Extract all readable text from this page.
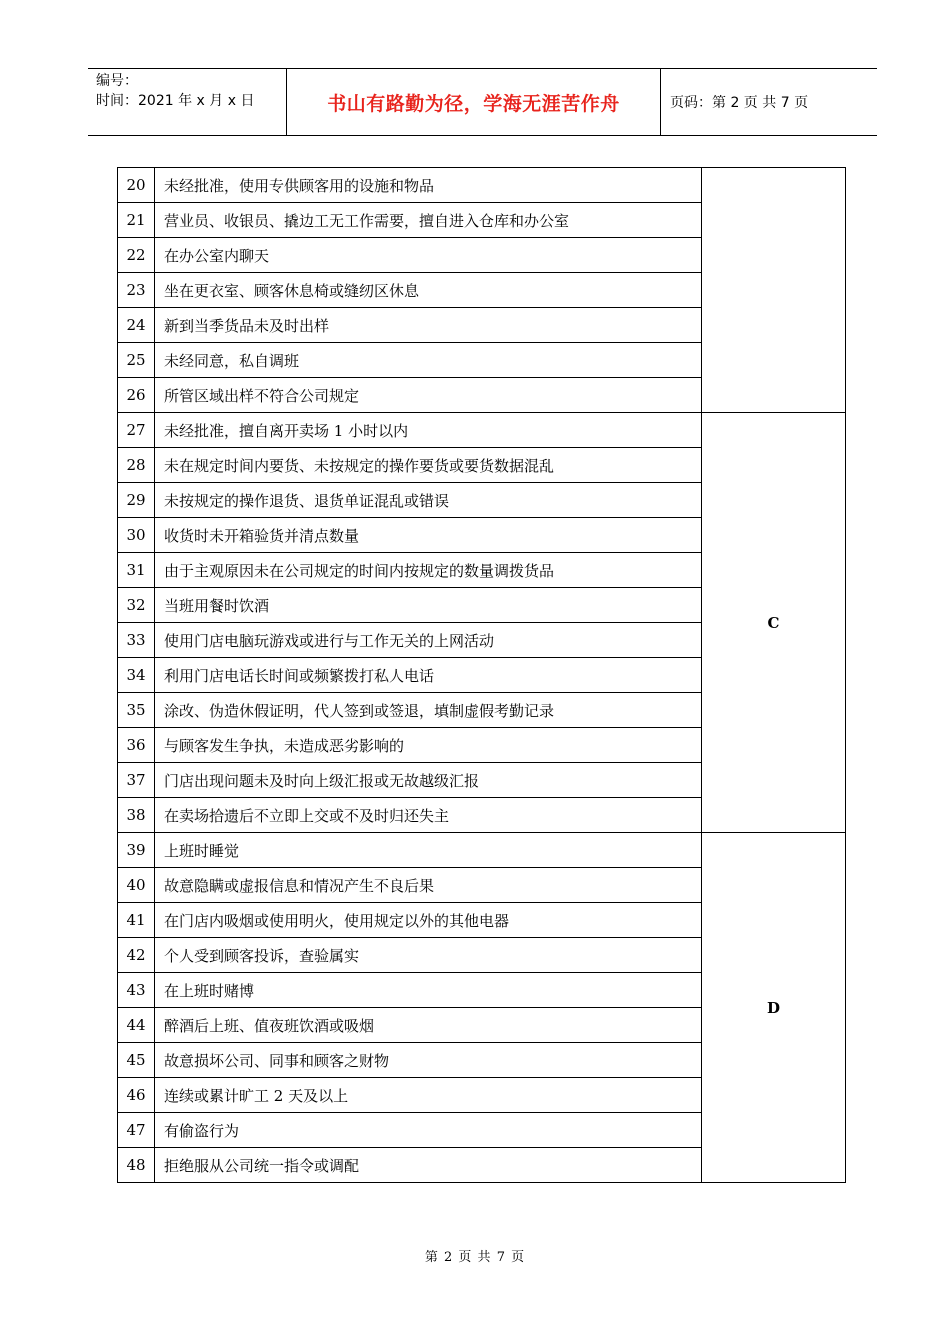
编号：
时间：2021 年 x 月 x 日	书山有路勤为径，学海无涯苦作舟	页码：第 2 页 共 7 页
20	未经批准，使用专供顾客用的设施和物品	
21	营业员、收银员、撬边工无工作需要，擅自进入仓库和办公室	
22	在办公室内聊天	
23	坐在更衣室、顾客休息椅或缝纫区休息	
24	新到当季货品未及时出样	
25	未经同意，私自调班	
26	所管区域出样不符合公司规定	
27	未经批准，擅自离开卖场 1 小时以内	C
28	未在规定时间内要货、未按规定的操作要货或要货数据混乱	
29	未按规定的操作退货、退货单证混乱或错误	
30	收货时未开箱验货并清点数量	
31	由于主观原因未在公司规定的时间内按规定的数量调拨货品	
32	当班用餐时饮酒	
33	使用门店电脑玩游戏或进行与工作无关的上网活动	
34	利用门店电话长时间或频繁拨打私人电话	
35	涂改、伪造休假证明，代人签到或签退，填制虚假考勤记录	
36	与顾客发生争执，未造成恶劣影响的	
37	门店出现问题未及时向上级汇报或无故越级汇报	
38	在卖场拾遗后不立即上交或不及时归还失主	
39	上班时睡觉	D
40	故意隐瞒或虚报信息和情况产生不良后果	
41	在门店内吸烟或使用明火，使用规定以外的其他电器	
42	个人受到顾客投诉，查验属实	
43	在上班时赌博	
44	醉酒后上班、值夜班饮酒或吸烟	
45	故意损坏公司、同事和顾客之财物	
46	连续或累计旷工 2 天及以上	
47	有偷盗行为	
48	拒绝服从公司统一指令或调配	
第 2 页 共 7 页
